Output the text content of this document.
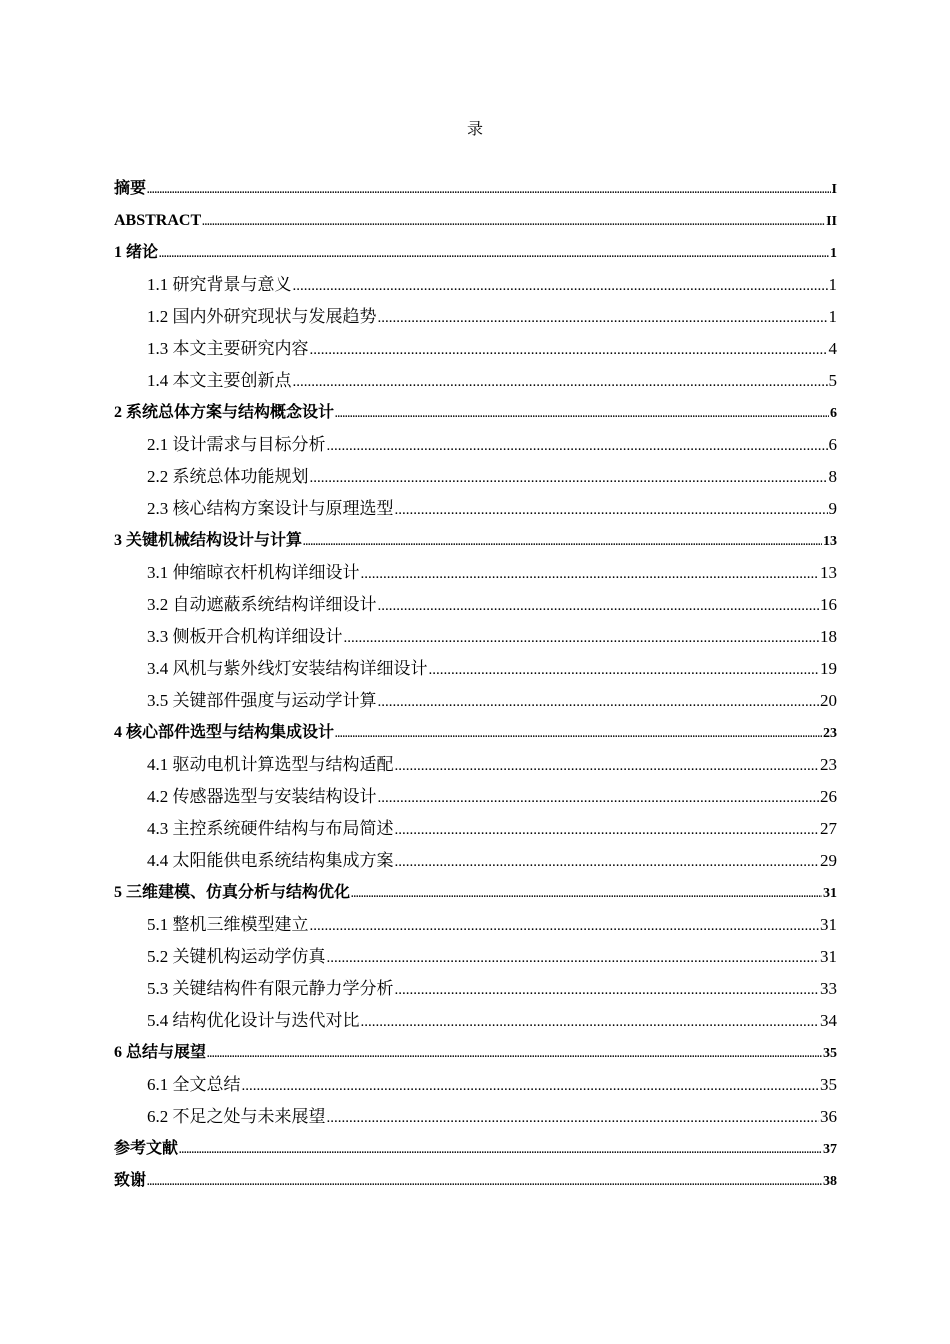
录
摘要 .....	I
ABSTRACT .....	II
1 绪论 .....	1
1.1 研究背景与意义 .....	1
1.2 国内外研究现状与发展趋势 .....	1
1.3 本文主要研究内容 .....	4
1.4 本文主要创新点 .....	5
2 系统总体方案与结构概念设计 .....	6
2.1 设计需求与目标分析 .....	6
2.2 系统总体功能规划 .....	8
2.3 核心结构方案设计与原理选型 .....	9
3 关键机械结构设计与计算 .....	13
3.1 伸缩晾衣杆机构详细设计 .....	13
3.2 自动遮蔽系统结构详细设计 .....	16
3.3 侧板开合机构详细设计 .....	18
3.4 风机与紫外线灯安装结构详细设计 .....	19
3.5 关键部件强度与运动学计算 .....	20
4 核心部件选型与结构集成设计 .....	23
4.1 驱动电机计算选型与结构适配 .....	23
4.2 传感器选型与安装结构设计 .....	26
4.3 主控系统硬件结构与布局简述 .....	27
4.4 太阳能供电系统结构集成方案 .....	29
5 三维建模、仿真分析与结构优化 .....	31
5.1 整机三维模型建立 .....	31
5.2 关键机构运动学仿真 .....	31
5.3 关键结构件有限元静力学分析 .....	33
5.4 结构优化设计与迭代对比 .....	34
6 总结与展望 .....	35
6.1 全文总结 .....	35
6.2 不足之处与未来展望 .....	36
参考文献 .....	37
致谢 .....	38
